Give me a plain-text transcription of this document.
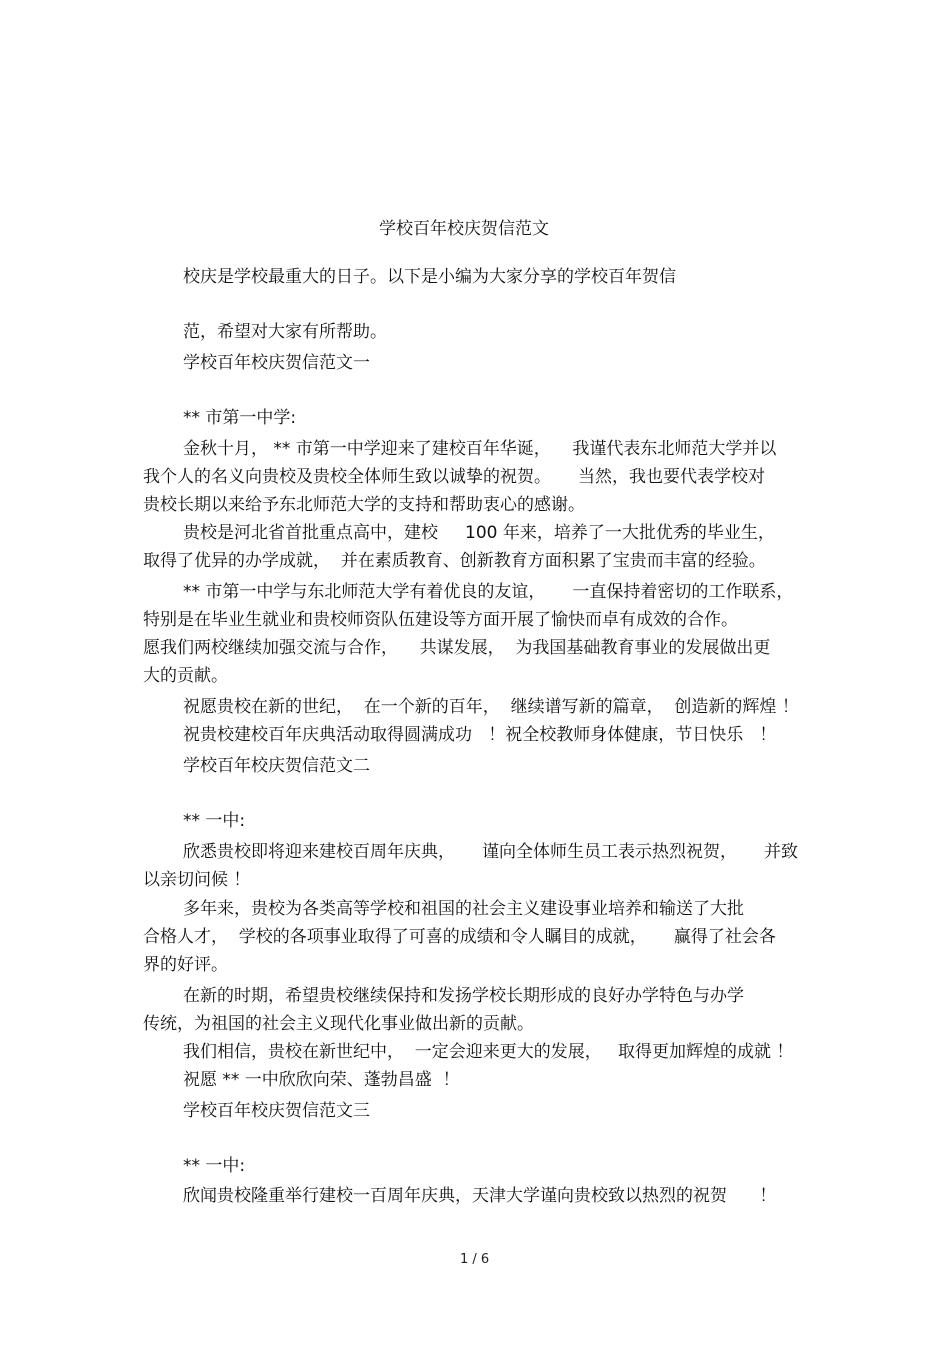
学校百年校庆贺信范文
校庆是学校最重大的日子。以下是小编为大家分享的学校百年贺信
范，希望对大家有所帮助。
学校百年校庆贺信范文一
** 市第一中学:
金秋十月， ** 市第一中学迎来了建校百年华诞，    我谨代表东北师范大学并以
我个人的名义向贵校及贵校全体师生致以诚挚的祝贺。     当然，我也要代表学校对
贵校长期以来给予东北师范大学的支持和帮助衷心的感谢。
贵校是河北省首批重点高中，建校     100 年来，培养了一大批优秀的毕业生，
取得了优异的办学成就，  并在素质教育、创新教育方面积累了宝贵而丰富的经验。
** 市第一中学与东北师范大学有着优良的友谊，     一直保持着密切的工作联系，
特别是在毕业生就业和贵校师资队伍建设等方面开展了愉快而卓有成效的合作。
愿我们两校继续加强交流与合作，    共谋发展，  为我国基础教育事业的发展做出更
大的贡献。
祝愿贵校在新的世纪，  在一个新的百年，  继续谱写新的篇章，  创造新的辉煌 ！
祝贵校建校百年庆典活动取得圆满成功   ！祝全校教师身体健康，节日快乐   ！
学校百年校庆贺信范文二
** 一中:
欣悉贵校即将迎来建校百周年庆典，     谨向全体师生员工表示热烈祝贺，     并致
以亲切问候 ！
多年来，贵校为各类高等学校和祖国的社会主义建设事业培养和输送了大批
合格人才，  学校的各项事业取得了可喜的成绩和令人瞩目的成就，     赢得了社会各
界的好评。
在新的时期，希望贵校继续保持和发扬学校长期形成的良好办学特色与办学
传统，为祖国的社会主义现代化事业做出新的贡献。
我们相信，贵校在新世纪中，  一定会迎来更大的发展，   取得更加辉煌的成就 ！
祝愿 ** 一中欣欣向荣、蓬勃昌盛  ！
学校百年校庆贺信范文三
** 一中:
欣闻贵校隆重举行建校一百周年庆典，天津大学谨向贵校致以热烈的祝贺      ！
1 / 6
